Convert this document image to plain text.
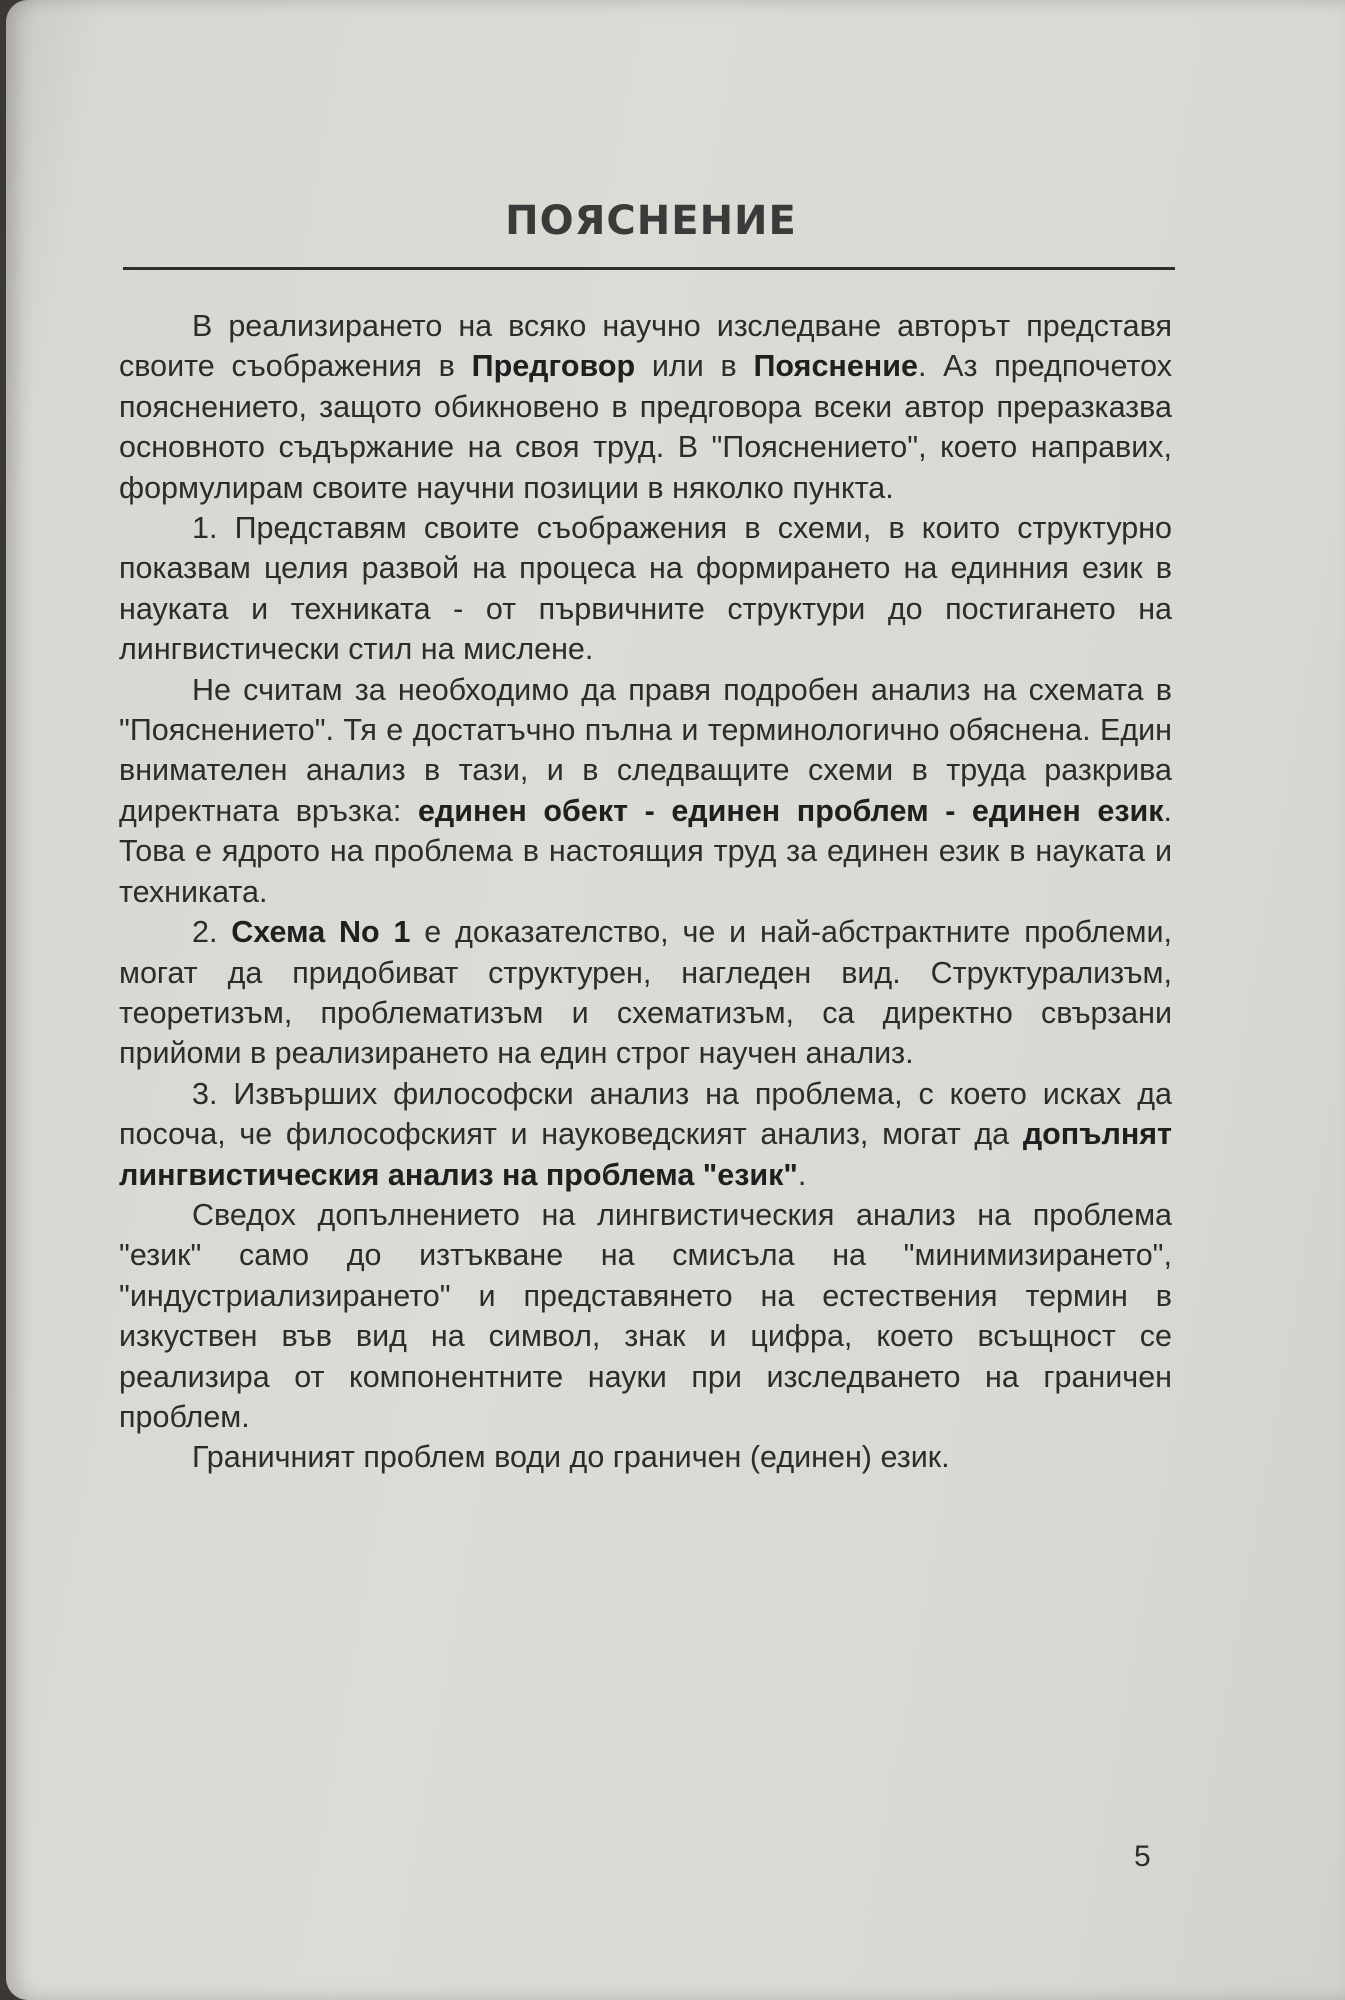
ПОЯСНЕНИЕ

В реализирането на всяко научно изследване авторът представя своите съображения в Предговор или в Пояснение. Аз предпочетох пояснението, защото обикновено в предговора всеки автор преразказва основното съдържание на своя труд. В "Пояснението", което направих, формулирам своите научни позиции в няколко пункта.

1. Представям своите съображения в схеми, в които структурно показвам целия развой на процеса на формирането на единния език в науката и техниката - от първичните структури до постигането на лингвистически стил на мислене.

Не считам за необходимо да правя подробен анализ на схемата в "Пояснението". Тя е достатъчно пълна и терминологично обяснена. Един внимателен анализ в тази, и в следващите схеми в труда разкрива директната връзка: единен обект - единен проблем - единен език. Това е ядрото на проблема в настоящия труд за единен език в науката и техниката.

2. Схема No 1 е доказателство, че и най-абстрактните проблеми, могат да придобиват структурен, нагледен вид. Структурализъм, теоретизъм, проблематизъм и схематизъм, са директно свързани прийоми в реализирането на един строг научен анализ.

3. Извърших философски анализ на проблема, с което исках да посоча, че философският и науковедският анализ, могат да допълнят лингвистическия анализ на проблема "език".

Сведох допълнението на лингвистическия анализ на проблема "език" само до изтъкване на смисъла на "минимизирането", "индустриализирането" и представянето на естествения термин в изкуствен във вид на символ, знак и цифра, което всъщност се реализира от компонентните науки при изследването на граничен проблем.

Граничният проблем води до граничен (единен) език.

5
